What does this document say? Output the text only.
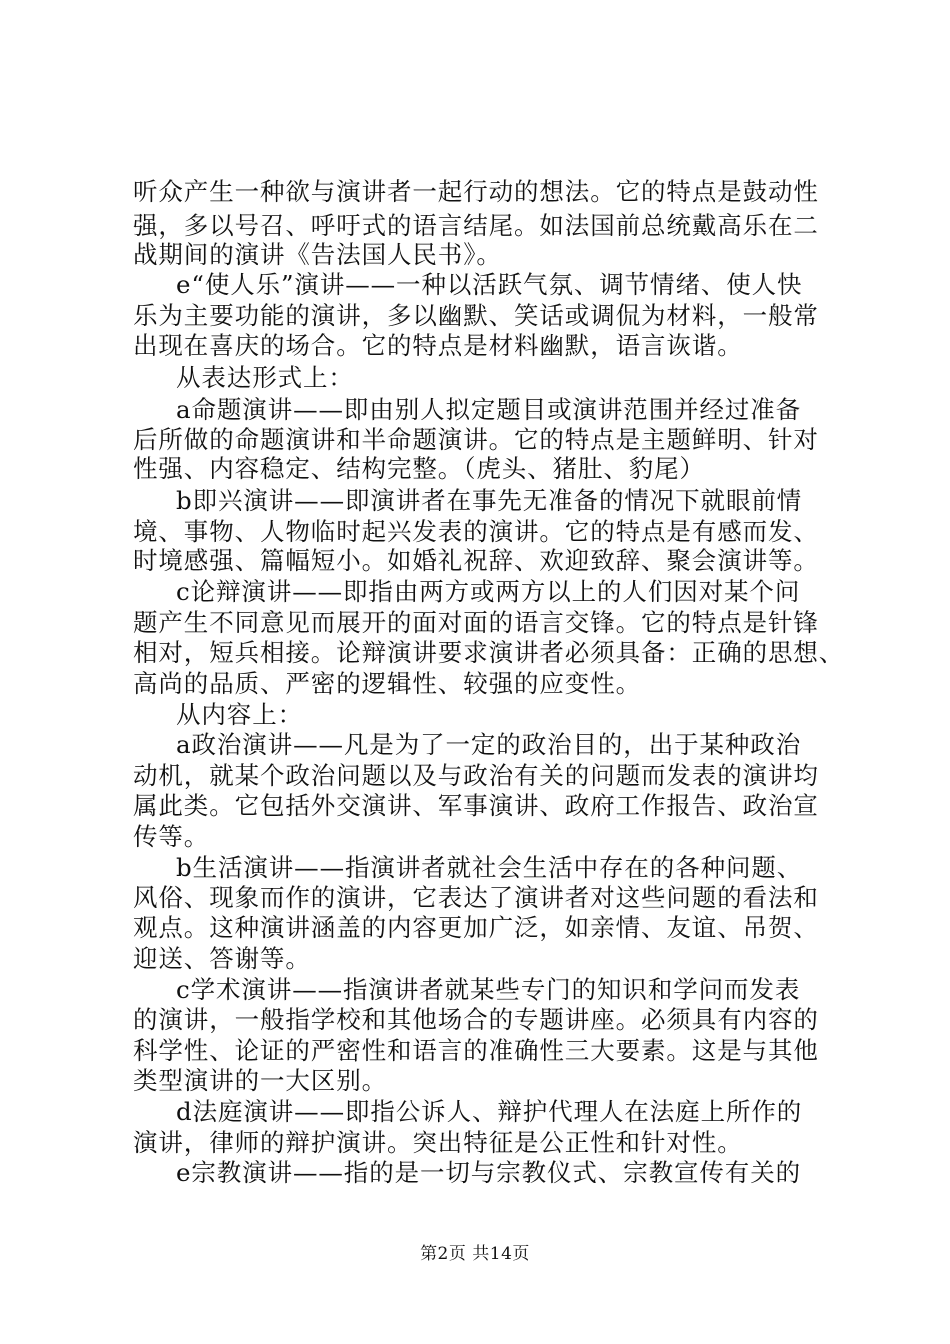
听众产生一种欲与演讲者一起行动的想法。它的特点是鼓动性
强，多以号召、呼吁式的语言结尾。如法国前总统戴高乐在二
战期间的演讲《告法国人民书》。
e“使人乐”演讲——一种以活跃气氛、调节情绪、使人快
乐为主要功能的演讲，多以幽默、笑话或调侃为材料，一般常
出现在喜庆的场合。它的特点是材料幽默，语言诙谐。
从表达形式上：
a命题演讲——即由别人拟定题目或演讲范围并经过准备
后所做的命题演讲和半命题演讲。它的特点是主题鲜明、针对
性强、内容稳定、结构完整。（虎头、猪肚、豹尾）
b即兴演讲——即演讲者在事先无准备的情况下就眼前情
境、事物、人物临时起兴发表的演讲。它的特点是有感而发、
时境感强、篇幅短小。如婚礼祝辞、欢迎致辞、聚会演讲等。
c论辩演讲——即指由两方或两方以上的人们因对某个问
题产生不同意见而展开的面对面的语言交锋。它的特点是针锋
相对，短兵相接。论辩演讲要求演讲者必须具备：正确的思想、
高尚的品质、严密的逻辑性、较强的应变性。
从内容上：
a政治演讲——凡是为了一定的政治目的，出于某种政治
动机，就某个政治问题以及与政治有关的问题而发表的演讲均
属此类。它包括外交演讲、军事演讲、政府工作报告、政治宣
传等。
b生活演讲——指演讲者就社会生活中存在的各种问题、
风俗、现象而作的演讲，它表达了演讲者对这些问题的看法和
观点。这种演讲涵盖的内容更加广泛，如亲情、友谊、吊贺、
迎送、答谢等。
c学术演讲——指演讲者就某些专门的知识和学问而发表
的演讲，一般指学校和其他场合的专题讲座。必须具有内容的
科学性、论证的严密性和语言的准确性三大要素。这是与其他
类型演讲的一大区别。
d法庭演讲——即指公诉人、辩护代理人在法庭上所作的
演讲，律师的辩护演讲。突出特征是公正性和针对性。
e宗教演讲——指的是一切与宗教仪式、宗教宣传有关的
第2页 共14页
